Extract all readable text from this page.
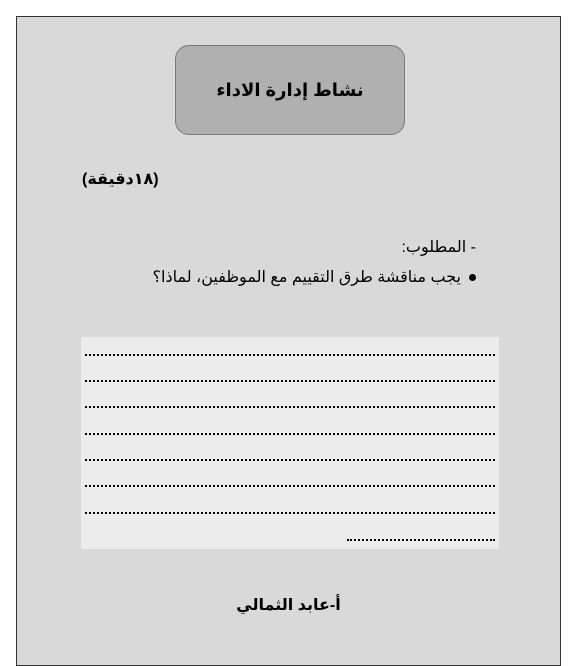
نشاط إدارة الاداء
(١٨دقيقة)
- المطلوب:
يجب مناقشة طرق التقييم مع الموظفين، لماذا؟
أ-عابد الثمالي
